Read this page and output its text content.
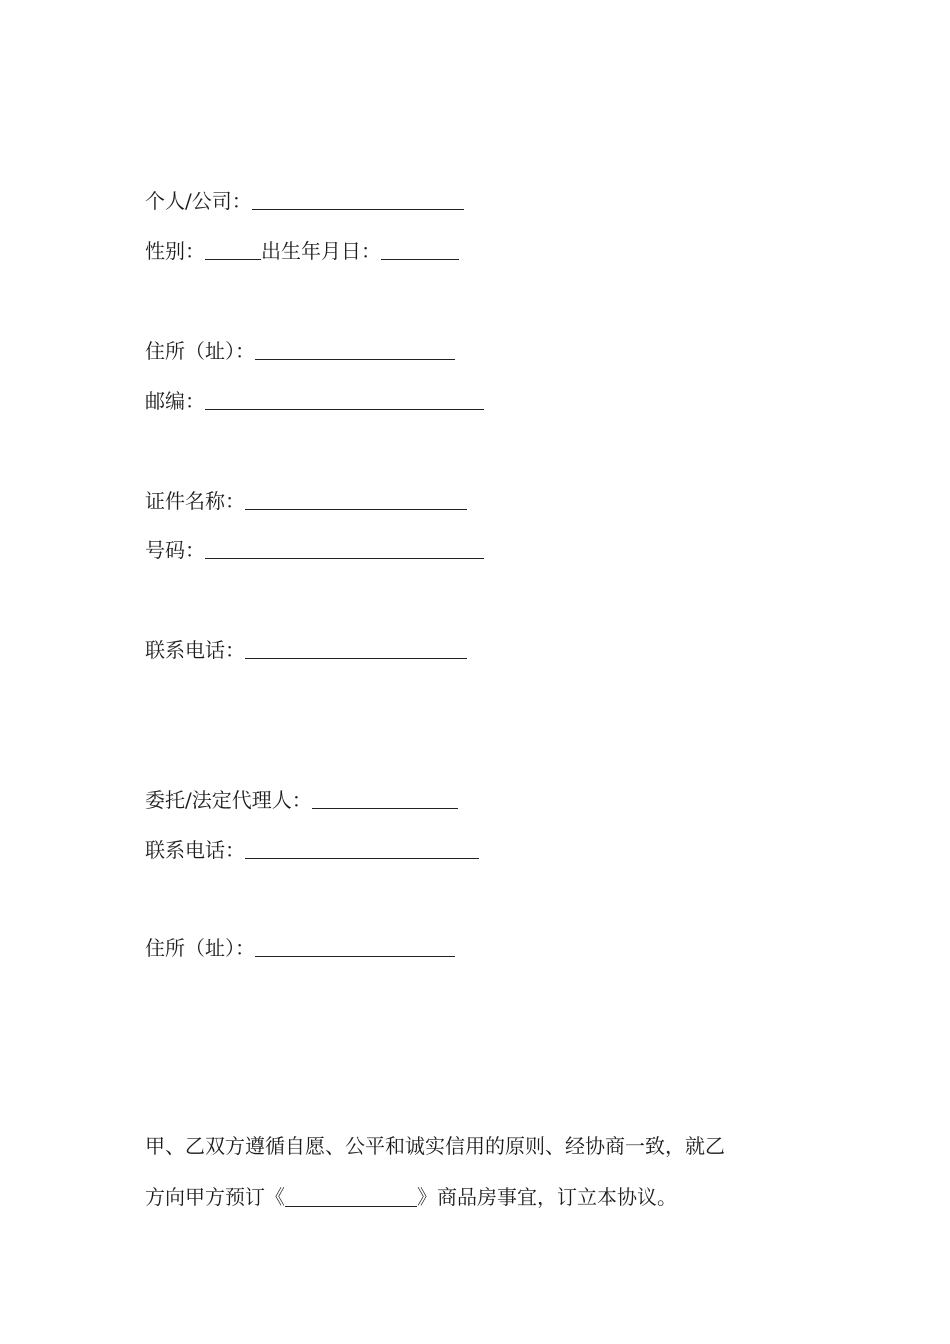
个人/公司：
性别：	出生年月日：
住所（址）：
邮编：
证件名称：
号码：
联系电话：
委托/法定代理人：
联系电话：
住所（址）：
甲、乙双方遵循自愿、公平和诚实信用的原则、经协商一致，就乙
方向甲方预订《	》商品房事宜，订立本协议。
